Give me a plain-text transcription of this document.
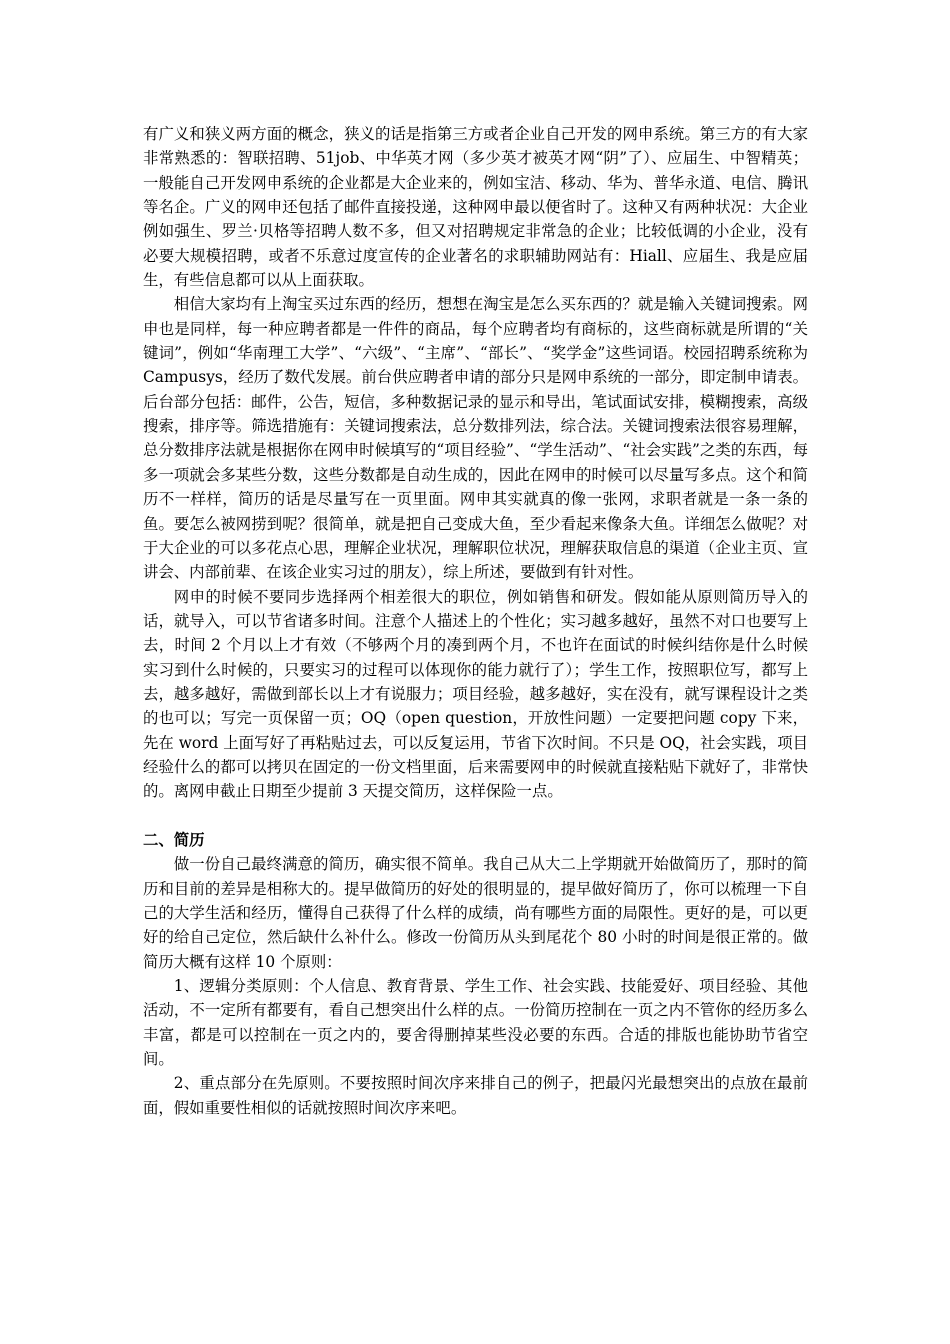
有广义和狭义两方面的概念，狭义的话是指第三方或者企业自己开发的网申系统。第三方的有大家非常熟悉的：智联招聘、51job、中华英才网（多少英才被英才网“阴”了）、应届生、中智精英；一般能自己开发网申系统的企业都是大企业来的，例如宝洁、移动、华为、普华永道、电信、腾讯等名企。广义的网申还包括了邮件直接投递，这种网申最以便省时了。这种又有两种状况：大企业例如强生、罗兰·贝格等招聘人数不多，但又对招聘规定非常急的企业；比较低调的小企业，没有必要大规模招聘，或者不乐意过度宣传的企业著名的求职辅助网站有：Hiall、应届生、我是应届生，有些信息都可以从上面获取。

相信大家均有上淘宝买过东西的经历，想想在淘宝是怎么买东西的？就是输入关键词搜索。网申也是同样，每一种应聘者都是一件件的商品，每个应聘者均有商标的，这些商标就是所谓的“关键词”，例如“华南理工大学”、“六级”、“主席”、“部长”、“奖学金”这些词语。校园招聘系统称为Campusys，经历了数代发展。前台供应聘者申请的部分只是网申系统的一部分，即定制申请表。后台部分包括：邮件，公告，短信，多种数据记录的显示和导出，笔试面试安排，模糊搜索，高级搜索，排序等。筛选措施有：关键词搜索法，总分数排列法，综合法。关键词搜索法很容易理解，总分数排序法就是根据你在网申时候填写的“项目经验”、“学生活动”、“社会实践”之类的东西，每多一项就会多某些分数，这些分数都是自动生成的，因此在网申的时候可以尽量写多点。这个和简历不一样样，简历的话是尽量写在一页里面。网申其实就真的像一张网，求职者就是一条一条的鱼。要怎么被网捞到呢？很简单，就是把自己变成大鱼，至少看起来像条大鱼。详细怎么做呢？对于大企业的可以多花点心思，理解企业状况，理解职位状况，理解获取信息的渠道（企业主页、宣讲会、内部前辈、在该企业实习过的朋友），综上所述，要做到有针对性。

网申的时候不要同步选择两个相差很大的职位，例如销售和研发。假如能从原则简历导入的话，就导入，可以节省诸多时间。注意个人描述上的个性化；实习越多越好，虽然不对口也要写上去，时间 2 个月以上才有效（不够两个月的凑到两个月，不也许在面试的时候纠结你是什么时候实习到什么时候的，只要实习的过程可以体现你的能力就行了）；学生工作，按照职位写，都写上去，越多越好，需做到部长以上才有说服力；项目经验，越多越好，实在没有，就写课程设计之类的也可以；写完一页保留一页；OQ（open question，开放性问题）一定要把问题 copy 下来，先在 word 上面写好了再粘贴过去，可以反复运用，节省下次时间。不只是 OQ，社会实践，项目经验什么的都可以拷贝在固定的一份文档里面，后来需要网申的时候就直接粘贴下就好了，非常快的。离网申截止日期至少提前 3 天提交简历，这样保险一点。

二、简历

做一份自己最终满意的简历，确实很不简单。我自己从大二上学期就开始做简历了，那时的简历和目前的差异是相称大的。提早做简历的好处的很明显的，提早做好简历了，你可以梳理一下自己的大学生活和经历，懂得自己获得了什么样的成绩，尚有哪些方面的局限性。更好的是，可以更好的给自己定位，然后缺什么补什么。修改一份简历从头到尾花个 80 小时的时间是很正常的。做简历大概有这样 10 个原则：

1、逻辑分类原则：个人信息、教育背景、学生工作、社会实践、技能爱好、项目经验、其他活动，不一定所有都要有，看自己想突出什么样的点。一份简历控制在一页之内不管你的经历多么丰富，都是可以控制在一页之内的，要舍得删掉某些没必要的东西。合适的排版也能协助节省空间。

2、重点部分在先原则。不要按照时间次序来排自己的例子，把最闪光最想突出的点放在最前面，假如重要性相似的话就按照时间次序来吧。
